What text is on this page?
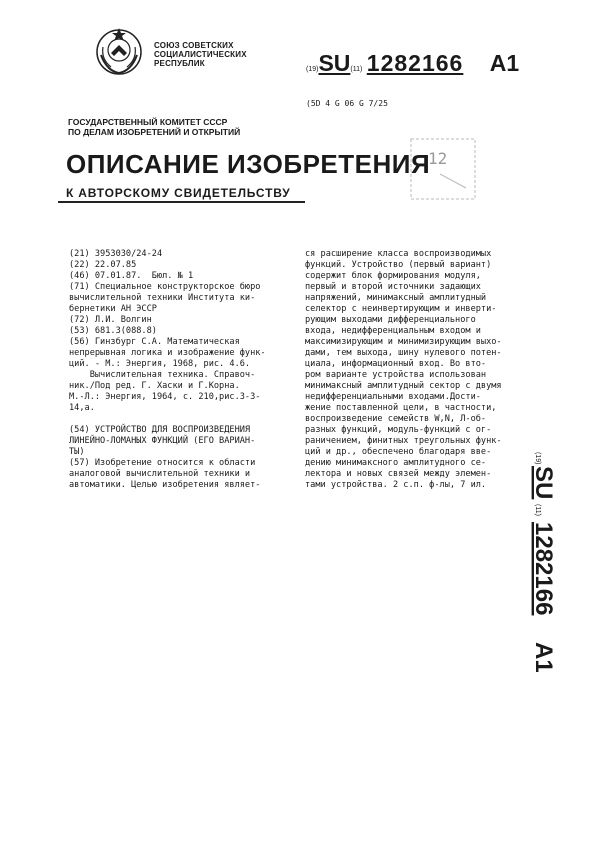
СОЮЗ СОВЕТСКИХ
СОЦИАЛИСТИЧЕСКИХ
РЕСПУБЛИК
(19)SU(11) 1282166 A1
(5D 4 G 06 G 7/25
ГОСУДАРСТВЕННЫЙ КОМИТЕТ СССР
ПО ДЕЛАМ ИЗОБРЕТЕНИЙ И ОТКРЫТИЙ
ОПИСАНИЕ ИЗОБРЕТЕНИЯ
К АВТОРСКОМУ СВИДЕТЕЛЬСТВУ
12
(21) 3953030/24-24
(22) 22.07.85
(46) 07.01.87.  Бюл. № 1
(71) Специальное конструкторское бюро
вычислительной техники Института ки-
бернетики АН ЭССР
(72) Л.И. Волгин
(53) 681.3(088.8)
(56) Гинзбург С.А. Математическая
непрерывная логика и изображение функ-
ций. - М.: Энергия, 1968, рис. 4.6.
Вычислительная техника. Справоч-
ник./Под ред. Г. Хаски и Г.Корна.
М.-Л.: Энергия, 1964, с. 210,рис.3-3-
14,а.
(54) УСТРОЙСТВО ДЛЯ ВОСПРОИЗВЕДЕНИЯ
ЛИНЕЙНО-ЛОМАНЫХ ФУНКЦИЙ (ЕГО ВАРИАН-
ТЫ)
(57) Изобретение относится к области
аналоговой вычислительной техники и
автоматики. Целью изобретения являет-
ся расширение класса воспроизводимых
функций. Устройство (первый вариант)
содержит блок формирования модуля,
первый и второй источники задающих
напряжений, минимаксный амплитудный
селектор с неинвертирующим и инверти-
рующим выходами дифференциального
входа, недифференциальным входом и
максимизирующим и минимизирующим выхо-
дами, тем выхода, шину нулевого потен-
циала, информационный вход. Во вто-
ром варианте устройства использован
минимаксный амплитудный сектор с двумя
недифференциальными входами.Дости-
жение поставленной цели, в частности,
воспроизведение семейств W,N, Л-об-
разных функций, модуль-функций с ог-
раничением, финитных треугольных функ-
ций и др., обеспечено благодаря вве-
дению минимаксного амплитудного се-
лектора и новых связей между элемен-
тами устройства. 2 с.п. ф-лы, 7 ил.
(19)
SU
(11)
1282166
A1
